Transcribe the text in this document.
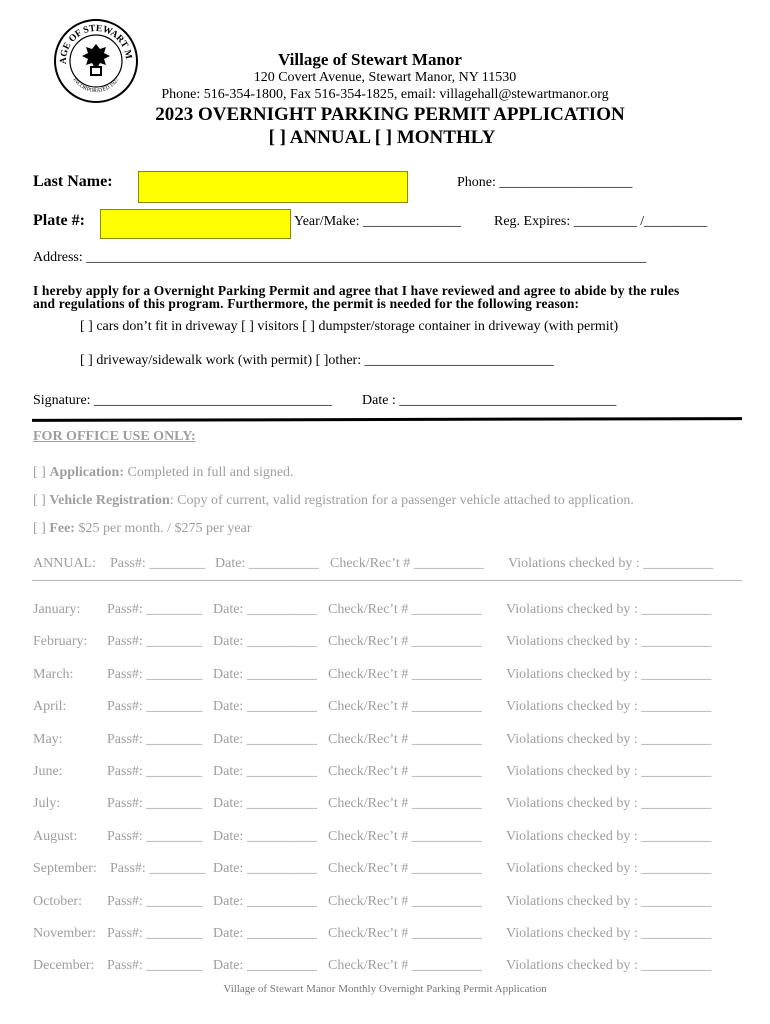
AGE OF STEWART M
INCORPORATED 1927
Village of Stewart Manor
120 Covert Avenue, Stewart Manor, NY 11530
Phone: 516-354-1800, Fax 516-354-1825, email: villagehall@stewartmanor.org
2023 OVERNIGHT PARKING PERMIT APPLICATION
[ ] ANNUAL [ ] MONTHLY
Last Name:	Phone: ___________________
Plate #:	Year/Make: ______________ Reg. Expires: _________ /_________
Address: ________________________________________________________________________________
I hereby apply for a Overnight Parking Permit and agree that I have reviewed and agree to abide by the rules
and regulations of this program. Furthermore, the permit is needed for the following reason:
[ ] cars don’t fit in driveway [ ] visitors [ ] dumpster/storage container in driveway (with permit)
[ ] driveway/sidewalk work (with permit) [ ]other: ___________________________
Signature: __________________________________ Date : _______________________________
FOR OFFICE USE ONLY:
[ ] Application: Completed in full and signed.
[ ] Vehicle Registration: Copy of current, valid registration for a passenger vehicle attached to application.
[ ] Fee: $25 per month. / $275 per year
ANNUAL: Pass#: ________ Date: __________ Check/Rec’t # __________ Violations checked by : __________
January: Pass#: ________ Date: __________ Check/Rec’t # __________ Violations checked by : __________
February: Pass#: ________ Date: __________ Check/Rec’t # __________ Violations checked by : __________
March: Pass#: ________ Date: __________ Check/Rec’t # __________ Violations checked by : __________
April:	Pass#: ________ Date: __________ Check/Rec’t # __________ Violations checked by : __________
May:	Pass#: ________ Date: __________ Check/Rec’t # __________ Violations checked by : __________
June:	Pass#: ________ Date: __________ Check/Rec’t # __________ Violations checked by : __________
July:	Pass#: ________ Date: __________ Check/Rec’t # __________ Violations checked by : __________
August: Pass#: ________ Date: __________ Check/Rec’t # __________ Violations checked by : __________
September: Pass#: ________ Date: __________ Check/Rec’t # __________ Violations checked by : __________
October: Pass#: ________ Date: __________ Check/Rec’t # __________ Violations checked by : __________
November: Pass#: ________ Date: __________ Check/Rec’t # __________ Violations checked by : __________
December: Pass#: ________ Date: __________ Check/Rec’t # __________ Violations checked by : __________
Village of Stewart Manor Monthly Overnight Parking Permit Application
